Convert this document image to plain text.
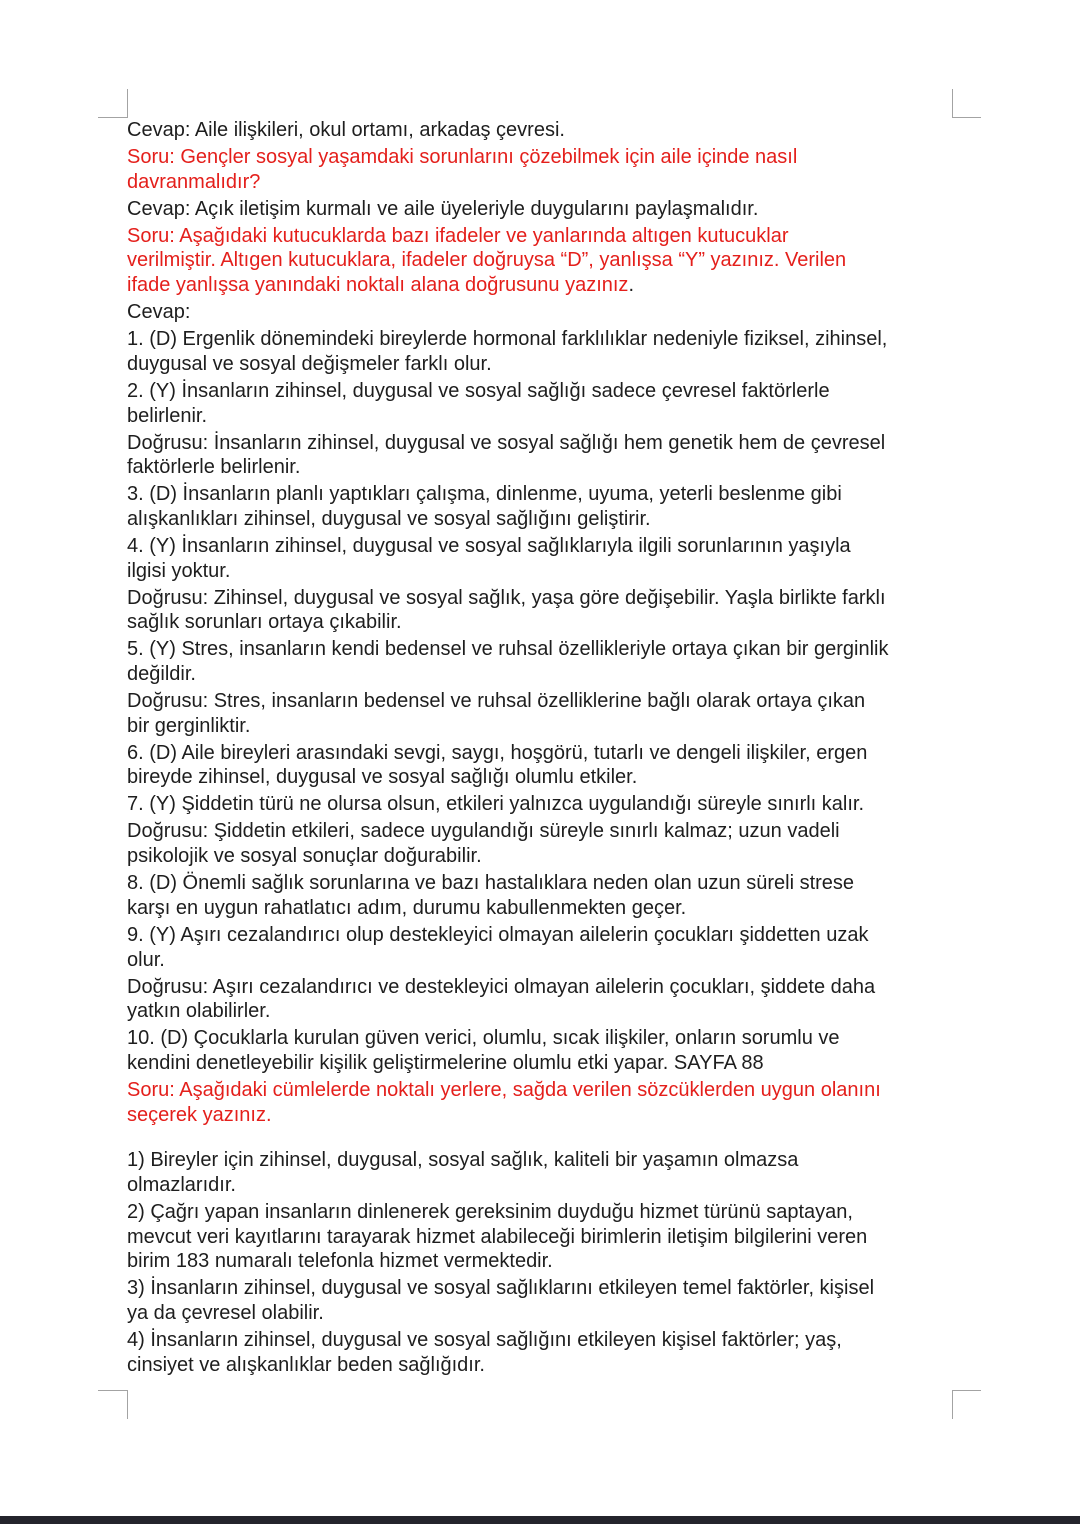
Cevap: Aile ilişkileri, okul ortamı, arkadaş çevresi.
Soru: Gençler sosyal yaşamdaki sorunlarını çözebilmek için aile içinde nasıl
davranmalıdır?
Cevap: Açık iletişim kurmalı ve aile üyeleriyle duygularını paylaşmalıdır.
Soru: Aşağıdaki kutucuklarda bazı ifadeler ve yanlarında altıgen kutucuklar
verilmiştir. Altıgen kutucuklara, ifadeler doğruysa “D”, yanlışsa “Y” yazınız. Verilen
ifade yanlışsa yanındaki noktalı alana doğrusunu yazınız.
Cevap:
1. (D) Ergenlik dönemindeki bireylerde hormonal farklılıklar nedeniyle fiziksel, zihinsel,
duygusal ve sosyal değişmeler farklı olur.
2. (Y) İnsanların zihinsel, duygusal ve sosyal sağlığı sadece çevresel faktörlerle
belirlenir.
Doğrusu: İnsanların zihinsel, duygusal ve sosyal sağlığı hem genetik hem de çevresel
faktörlerle belirlenir.
3. (D) İnsanların planlı yaptıkları çalışma, dinlenme, uyuma, yeterli beslenme gibi
alışkanlıkları zihinsel, duygusal ve sosyal sağlığını geliştirir.
4. (Y) İnsanların zihinsel, duygusal ve sosyal sağlıklarıyla ilgili sorunlarının yaşıyla
ilgisi yoktur.
Doğrusu: Zihinsel, duygusal ve sosyal sağlık, yaşa göre değişebilir. Yaşla birlikte farklı
sağlık sorunları ortaya çıkabilir.
5. (Y) Stres, insanların kendi bedensel ve ruhsal özellikleriyle ortaya çıkan bir gerginlik
değildir.
Doğrusu: Stres, insanların bedensel ve ruhsal özelliklerine bağlı olarak ortaya çıkan
bir gerginliktir.
6. (D) Aile bireyleri arasındaki sevgi, saygı, hoşgörü, tutarlı ve dengeli ilişkiler, ergen
bireyde zihinsel, duygusal ve sosyal sağlığı olumlu etkiler.
7. (Y) Şiddetin türü ne olursa olsun, etkileri yalnızca uygulandığı süreyle sınırlı kalır.
Doğrusu: Şiddetin etkileri, sadece uygulandığı süreyle sınırlı kalmaz; uzun vadeli
psikolojik ve sosyal sonuçlar doğurabilir.
8. (D) Önemli sağlık sorunlarına ve bazı hastalıklara neden olan uzun süreli strese
karşı en uygun rahatlatıcı adım, durumu kabullenmekten geçer.
9. (Y) Aşırı cezalandırıcı olup destekleyici olmayan ailelerin çocukları şiddetten uzak
olur.
Doğrusu: Aşırı cezalandırıcı ve destekleyici olmayan ailelerin çocukları, şiddete daha
yatkın olabilirler.
10. (D) Çocuklarla kurulan güven verici, olumlu, sıcak ilişkiler, onların sorumlu ve
kendini denetleyebilir kişilik geliştirmelerine olumlu etki yapar. SAYFA 88
Soru: Aşağıdaki cümlelerde noktalı yerlere, sağda verilen sözcüklerden uygun olanını
seçerek yazınız.
1) Bireyler için zihinsel, duygusal, sosyal sağlık, kaliteli bir yaşamın olmazsa
olmazlarıdır.
2) Çağrı yapan insanların dinlenerek gereksinim duyduğu hizmet türünü saptayan,
mevcut veri kayıtlarını tarayarak hizmet alabileceği birimlerin iletişim bilgilerini veren
birim 183 numaralı telefonla hizmet vermektedir.
3) İnsanların zihinsel, duygusal ve sosyal sağlıklarını etkileyen temel faktörler, kişisel
ya da çevresel olabilir.
4) İnsanların zihinsel, duygusal ve sosyal sağlığını etkileyen kişisel faktörler; yaş,
cinsiyet ve alışkanlıklar beden sağlığıdır.
